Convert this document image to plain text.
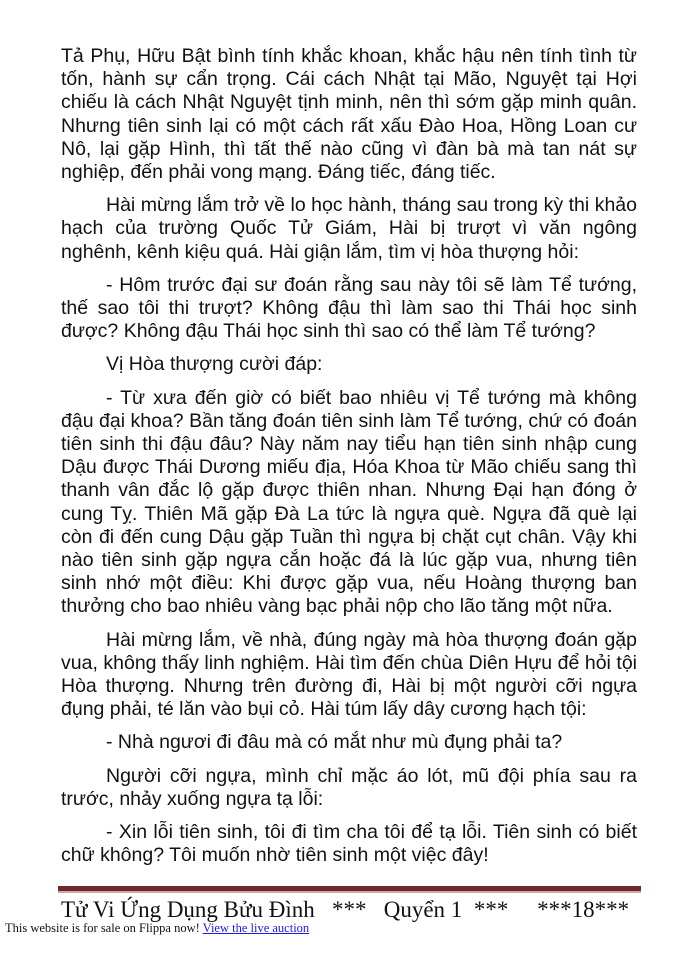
Tả Phụ, Hữu Bật bình tính khắc khoan, khắc hậu nên tính tình từ tốn, hành sự cẩn trọng. Cái cách Nhật tại Mão, Nguyệt tại Hợi chiếu là cách Nhật Nguyệt tịnh minh, nên thì sớm gặp minh quân. Nhưng tiên sinh lại có một cách rất xấu Đào Hoa, Hồng Loan cư Nô, lại gặp Hình, thì tất thế nào cũng vì đàn bà mà tan nát sự nghiệp, đến phải vong mạng. Đáng tiếc, đáng tiếc.

Hài mừng lắm trở về lo học hành, tháng sau trong kỳ thi khảo hạch của trường Quốc Tử Giám, Hài bị trượt vì văn ngông nghênh, kênh kiệu quá. Hài giận lắm, tìm vị hòa thượng hỏi:

- Hôm trước đại sư đoán rằng sau này tôi sẽ làm Tể tướng, thế sao tôi thi trượt? Không đậu thì làm sao thi Thái học sinh được? Không đậu Thái học sinh thì sao có thể làm Tể tướng?

Vị Hòa thượng cười đáp:

- Từ xưa đến giờ có biết bao nhiêu vị Tể tướng mà không đậu đại khoa? Bần tăng đoán tiên sinh làm Tể tướng, chứ có đoán tiên sinh thi đậu đâu? Này năm nay tiểu hạn tiên sinh nhập cung Dậu được Thái Dương miếu địa, Hóa Khoa từ Mão chiếu sang thì thanh vân đắc lộ gặp được thiên nhan. Nhưng Đại hạn đóng ở cung Tỵ. Thiên Mã gặp Đà La tức là ngựa què. Ngựa đã què lại còn đi đến cung Dậu gặp Tuần thì ngựa bị chặt cụt chân. Vậy khi nào tiên sinh gặp ngựa cắn hoặc đá là lúc gặp vua, nhưng tiên sinh nhớ một điều: Khi được gặp vua, nếu Hoàng thượng ban thưởng cho bao nhiêu vàng bạc phải nộp cho lão tăng một nữa.

Hài mừng lắm, về nhà, đúng ngày mà hòa thượng đoán gặp vua, không thấy linh nghiệm. Hài tìm đến chùa Diên Hựu để hỏi tội Hòa thượng. Nhưng trên đường đi, Hài bị một người cỡi ngựa đụng phải, té lăn vào bụi cỏ. Hài túm lấy dây cương hạch tội:

- Nhà ngươi đi đâu mà có mắt như mù đụng phải ta?

Người cỡi ngựa, mình chỉ mặc áo lót, mũ đội phía sau ra trước, nhảy xuống ngựa tạ lỗi:

- Xin lỗi tiên sinh, tôi đi tìm cha tôi để tạ lỗi. Tiên sinh có biết chữ không? Tôi muốn nhờ tiên sinh một việc đây!

Tử Vi Ứng Dụng Bửu Đình *** Quyển 1 *** ***18***
This website is for sale on Flippa now! View the live auction
